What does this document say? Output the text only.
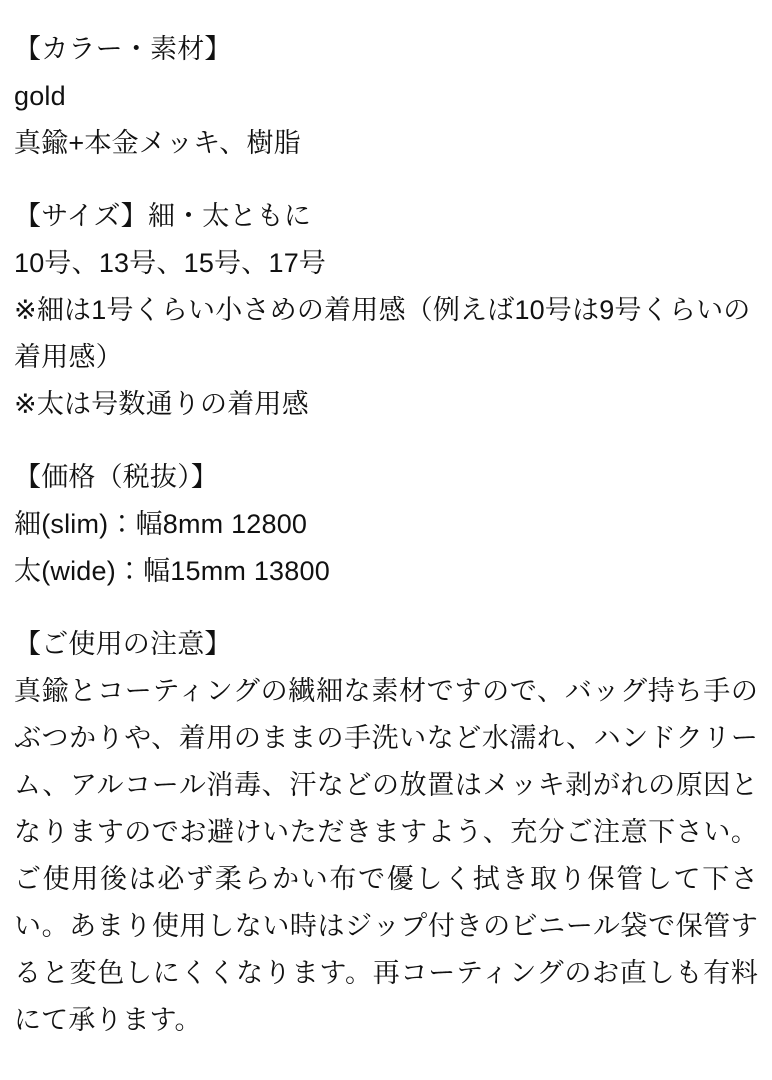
【カラー・素材】
gold
真鍮+本金メッキ、樹脂
【サイズ】細・太ともに
10号、13号、15号、17号
※細は1号くらい小さめの着用感（例えば10号は9号くらいの着用感）
※太は号数通りの着用感
【価格（税抜）】
細(slim)：幅8mm 12800
太(wide)：幅15mm 13800
【ご使用の注意】
真鍮とコーティングの繊細な素材ですので、バッグ持ち手のぶつかりや、着用のままの手洗いなど水濡れ、ハンドクリーム、アルコール消毒、汗などの放置はメッキ剥がれの原因となりますのでお避けいただきますよう、充分ご注意下さい。ご使用後は必ず柔らかい布で優しく拭き取り保管して下さい。あまり使用しない時はジップ付きのビニール袋で保管すると変色しにくくなります。再コーティングのお直しも有料にて承ります。
